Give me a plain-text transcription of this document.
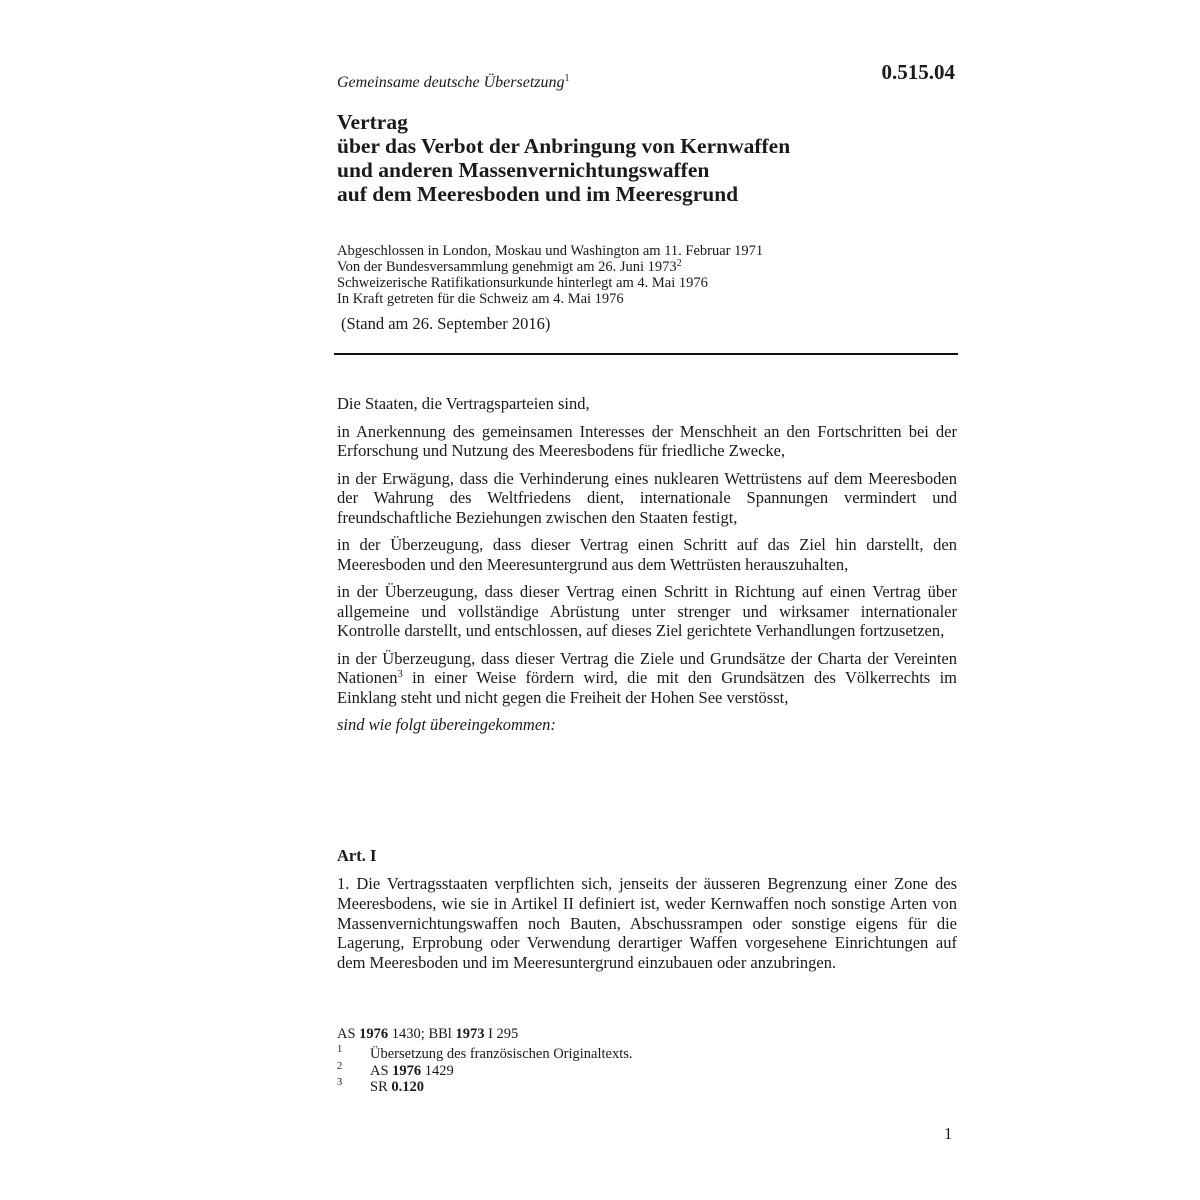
0.515.04
Gemeinsame deutsche Übersetzung$^1$
Vertrag
über das Verbot der Anbringung von Kernwaffen
und anderen Massenvernichtungswaffen
auf dem Meeresboden und im Meeresgrund
Abgeschlossen in London, Moskau und Washington am 11. Februar 1971
Von der Bundesversammlung genehmigt am 26. Juni 1973$^2$
Schweizerische Ratifikationsurkunde hinterlegt am 4. Mai 1976
In Kraft getreten für die Schweiz am 4. Mai 1976
(Stand am 26. September 2016)

Die Staaten, die Vertragsparteien sind,

in Anerkennung des gemeinsamen Interesses der Menschheit an den Fortschritten bei der Erforschung und Nutzung des Meeresbodens für friedliche Zwecke,

in der Erwägung, dass die Verhinderung eines nuklearen Wettrüstens auf dem Meeresboden der Wahrung des Weltfriedens dient, internationale Spannungen vermindert und freundschaftliche Beziehungen zwischen den Staaten festigt,

in der Überzeugung, dass dieser Vertrag einen Schritt auf das Ziel hin darstellt, den Meeresboden und den Meeresuntergrund aus dem Wettrüsten herauszuhalten,

in der Überzeugung, dass dieser Vertrag einen Schritt in Richtung auf einen Vertrag über allgemeine und vollständige Abrüstung unter strenger und wirksamer internationaler Kontrolle darstellt, und entschlossen, auf dieses Ziel gerichtete Verhandlungen fortzusetzen,

in der Überzeugung, dass dieser Vertrag die Ziele und Grundsätze der Charta der Vereinten Nationen$^3$ in einer Weise fördern wird, die mit den Grundsätzen des Völkerrechts im Einklang steht und nicht gegen die Freiheit der Hohen See verstösst,

sind wie folgt übereingekommen:

Art. I

1. Die Vertragsstaaten verpflichten sich, jenseits der äusseren Begrenzung einer Zone des Meeresbodens, wie sie in Artikel II definiert ist, weder Kernwaffen noch sonstige Arten von Massenvernichtungswaffen noch Bauten, Abschussrampen oder sonstige eigens für die Lagerung, Erprobung oder Verwendung derartiger Waffen vorgesehene Einrichtungen auf dem Meeresboden und im Meeresuntergrund einzubauen oder anzubringen.

AS 1976 1430; BBl 1973 I 295
1 Übersetzung des französischen Originaltexts.
2 AS 1976 1429
3 SR 0.120
1
